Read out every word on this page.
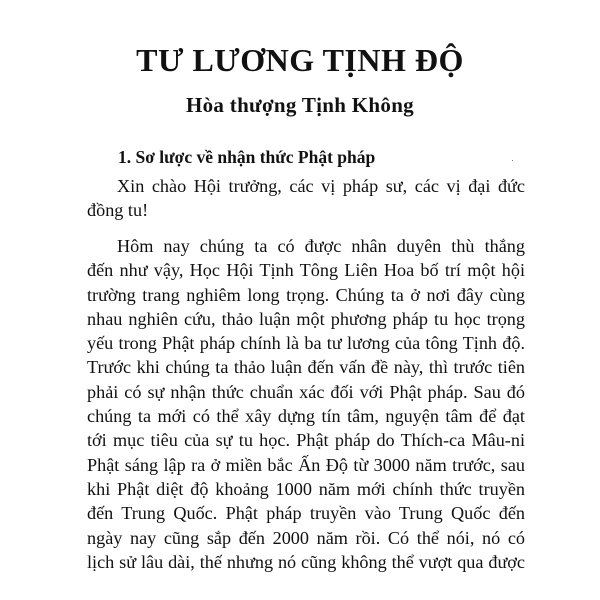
TƯ LƯƠNG TỊNH ĐỘ
Hòa thượng Tịnh Không
1. Sơ lược về nhận thức Phật pháp
Xin chào Hội trưởng, các vị pháp sư, các vị đại đức
đồng tu!
Hôm nay chúng ta có được nhân duyên thù thắng
đến như vậy, Học Hội Tịnh Tông Liên Hoa bố trí một hội
trường trang nghiêm long trọng. Chúng ta ở nơi đây cùng
nhau nghiên cứu, thảo luận một phương pháp tu học trọng
yếu trong Phật pháp chính là ba tư lương của tông Tịnh độ.
Trước khi chúng ta thảo luận đến vấn đề này, thì trước tiên
phải có sự nhận thức chuẩn xác đối với Phật pháp. Sau đó
chúng ta mới có thể xây dựng tín tâm, nguyện tâm để đạt
tới mục tiêu của sự tu học. Phật pháp do Thích-ca Mâu-ni
Phật sáng lập ra ở miền bắc Ấn Độ từ 3000 năm trước, sau
khi Phật diệt độ khoảng 1000 năm mới chính thức truyền
đến Trung Quốc. Phật pháp truyền vào Trung Quốc đến
ngày nay cũng sắp đến 2000 năm rồi. Có thể nói, nó có
lịch sử lâu dài, thế nhưng nó cũng không thể vượt qua được
